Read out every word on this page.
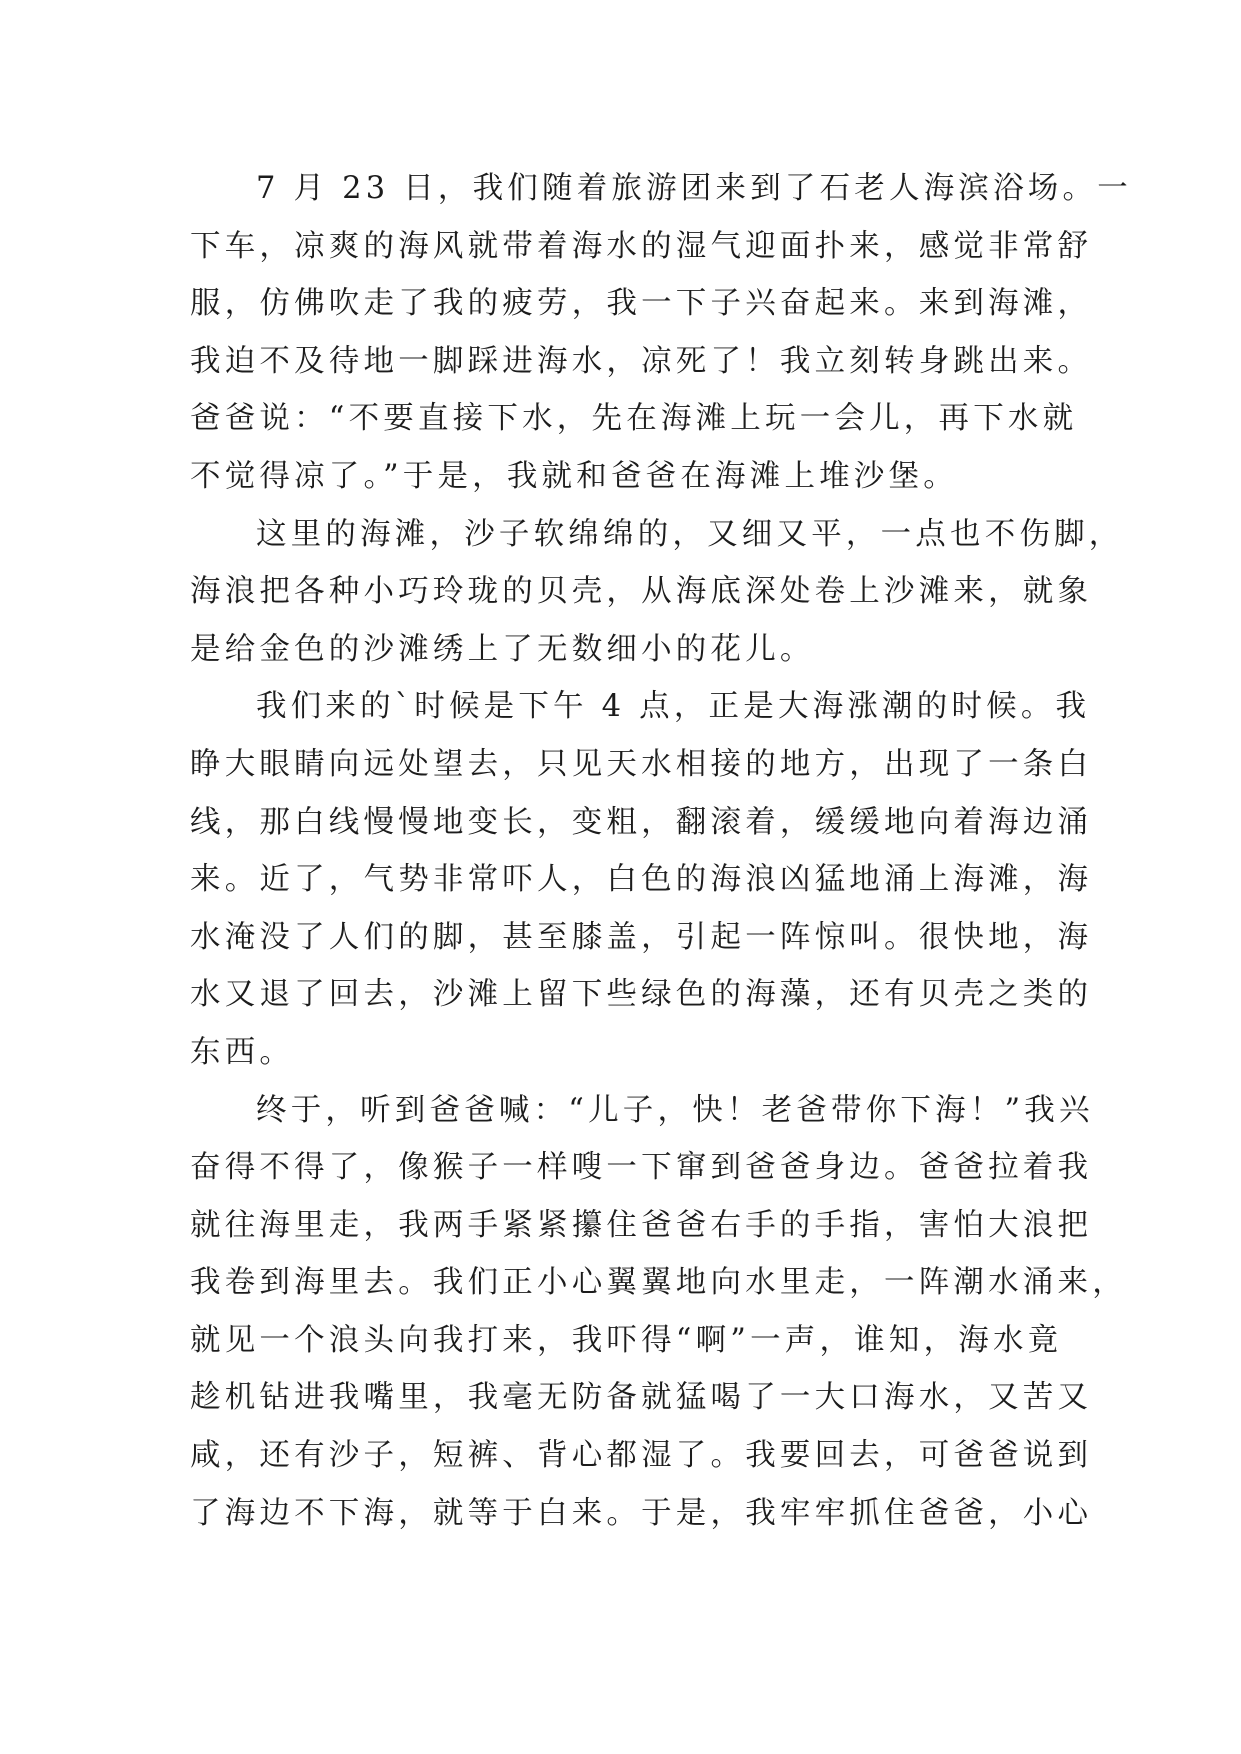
7 月 23 日，我们随着旅游团来到了石老人海滨浴场。一
下车，凉爽的海风就带着海水的湿气迎面扑来，感觉非常舒
服，仿佛吹走了我的疲劳，我一下子兴奋起来。来到海滩，
我迫不及待地一脚踩进海水，凉死了！我立刻转身跳出来。
爸爸说：“不要直接下水，先在海滩上玩一会儿，再下水就
不觉得凉了。”于是，我就和爸爸在海滩上堆沙堡。
这里的海滩，沙子软绵绵的，又细又平，一点也不伤脚，
海浪把各种小巧玲珑的贝壳，从海底深处卷上沙滩来，就象
是给金色的沙滩绣上了无数细小的花儿。
我们来的`时候是下午 4 点，正是大海涨潮的时候。我
睁大眼睛向远处望去，只见天水相接的地方，出现了一条白
线，那白线慢慢地变长，变粗，翻滚着，缓缓地向着海边涌
来。近了，气势非常吓人，白色的海浪凶猛地涌上海滩，海
水淹没了人们的脚，甚至膝盖，引起一阵惊叫。很快地，海
水又退了回去，沙滩上留下些绿色的海藻，还有贝壳之类的
东西。
终于，听到爸爸喊：“儿子，快！老爸带你下海！”我兴
奋得不得了，像猴子一样嗖一下窜到爸爸身边。爸爸拉着我
就往海里走，我两手紧紧攥住爸爸右手的手指，害怕大浪把
我卷到海里去。我们正小心翼翼地向水里走，一阵潮水涌来，
就见一个浪头向我打来，我吓得“啊”一声，谁知，海水竟
趁机钻进我嘴里，我毫无防备就猛喝了一大口海水，又苦又
咸，还有沙子，短裤、背心都湿了。我要回去，可爸爸说到
了海边不下海，就等于白来。于是，我牢牢抓住爸爸，小心
